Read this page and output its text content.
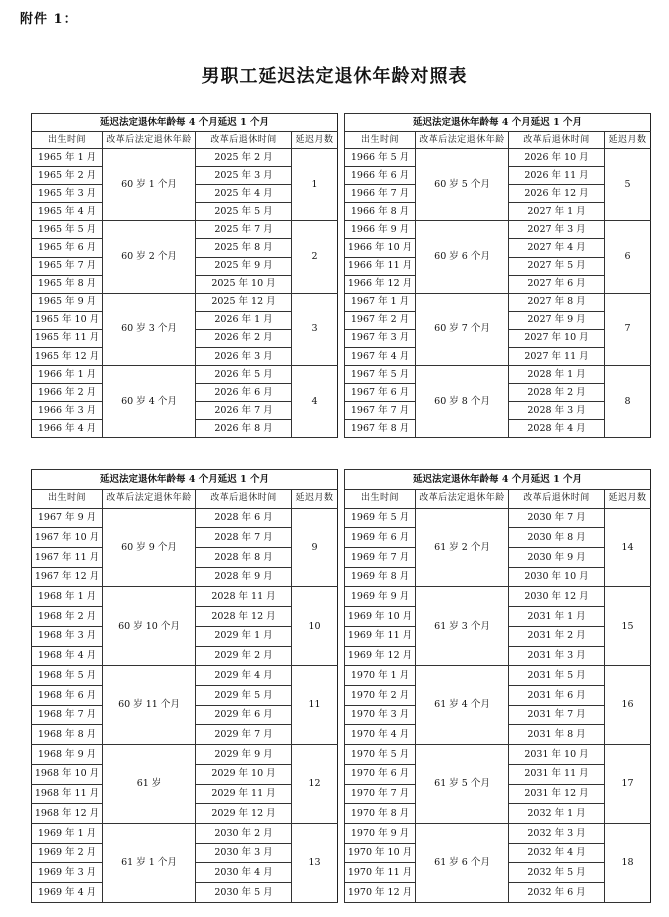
附件 1：
男职工延迟法定退休年龄对照表
延迟法定退休年龄每 4 个月延迟 1 个月					延迟法定退休年龄每 4 个月延迟 1 个月			
出生时间	改革后法定退休年龄	改革后退休时间	延迟月数		出生时间	改革后法定退休年龄	改革后退休时间	延迟月数
1965 年 1 月	60 岁 1 个月	2025 年 2 月	1		1966 年 5 月	60 岁 5 个月	2026 年 10 月	5
1965 年 2 月		2025 年 3 月			1966 年 6 月		2026 年 11 月	
1965 年 3 月		2025 年 4 月			1966 年 7 月		2026 年 12 月	
1965 年 4 月		2025 年 5 月			1966 年 8 月		2027 年 1 月	
1965 年 5 月	60 岁 2 个月	2025 年 7 月	2		1966 年 9 月	60 岁 6 个月	2027 年 3 月	6
1965 年 6 月		2025 年 8 月			1966 年 10 月		2027 年 4 月	
1965 年 7 月		2025 年 9 月			1966 年 11 月		2027 年 5 月	
1965 年 8 月		2025 年 10 月			1966 年 12 月		2027 年 6 月	
1965 年 9 月	60 岁 3 个月	2025 年 12 月	3		1967 年 1 月	60 岁 7 个月	2027 年 8 月	7
1965 年 10 月		2026 年 1 月			1967 年 2 月		2027 年 9 月	
1965 年 11 月		2026 年 2 月			1967 年 3 月		2027 年 10 月	
1965 年 12 月		2026 年 3 月			1967 年 4 月		2027 年 11 月	
1966 年 1 月	60 岁 4 个月	2026 年 5 月	4		1967 年 5 月	60 岁 8 个月	2028 年 1 月	8
1966 年 2 月		2026 年 6 月			1967 年 6 月		2028 年 2 月	
1966 年 3 月		2026 年 7 月			1967 年 7 月		2028 年 3 月	
1966 年 4 月		2026 年 8 月			1967 年 8 月		2028 年 4 月	
延迟法定退休年龄每 4 个月延迟 1 个月					延迟法定退休年龄每 4 个月延迟 1 个月			
出生时间	改革后法定退休年龄	改革后退休时间	延迟月数		出生时间	改革后法定退休年龄	改革后退休时间	延迟月数
1967 年 9 月	60 岁 9 个月	2028 年 6 月	9		1969 年 5 月	61 岁 2 个月	2030 年 7 月	14
1967 年 10 月		2028 年 7 月			1969 年 6 月		2030 年 8 月	
1967 年 11 月		2028 年 8 月			1969 年 7 月		2030 年 9 月	
1967 年 12 月		2028 年 9 月			1969 年 8 月		2030 年 10 月	
1968 年 1 月	60 岁 10 个月	2028 年 11 月	10		1969 年 9 月	61 岁 3 个月	2030 年 12 月	15
1968 年 2 月		2028 年 12 月			1969 年 10 月		2031 年 1 月	
1968 年 3 月		2029 年 1 月			1969 年 11 月		2031 年 2 月	
1968 年 4 月		2029 年 2 月			1969 年 12 月		2031 年 3 月	
1968 年 5 月	60 岁 11 个月	2029 年 4 月	11		1970 年 1 月	61 岁 4 个月	2031 年 5 月	16
1968 年 6 月		2029 年 5 月			1970 年 2 月		2031 年 6 月	
1968 年 7 月		2029 年 6 月			1970 年 3 月		2031 年 7 月	
1968 年 8 月		2029 年 7 月			1970 年 4 月		2031 年 8 月	
1968 年 9 月	61 岁	2029 年 9 月	12		1970 年 5 月	61 岁 5 个月	2031 年 10 月	17
1968 年 10 月		2029 年 10 月			1970 年 6 月		2031 年 11 月	
1968 年 11 月		2029 年 11 月			1970 年 7 月		2031 年 12 月	
1968 年 12 月		2029 年 12 月			1970 年 8 月		2032 年 1 月	
1969 年 1 月	61 岁 1 个月	2030 年 2 月	13		1970 年 9 月	61 岁 6 个月	2032 年 3 月	18
1969 年 2 月		2030 年 3 月			1970 年 10 月		2032 年 4 月	
1969 年 3 月		2030 年 4 月			1970 年 11 月		2032 年 5 月	
1969 年 4 月		2030 年 5 月			1970 年 12 月		2032 年 6 月	
